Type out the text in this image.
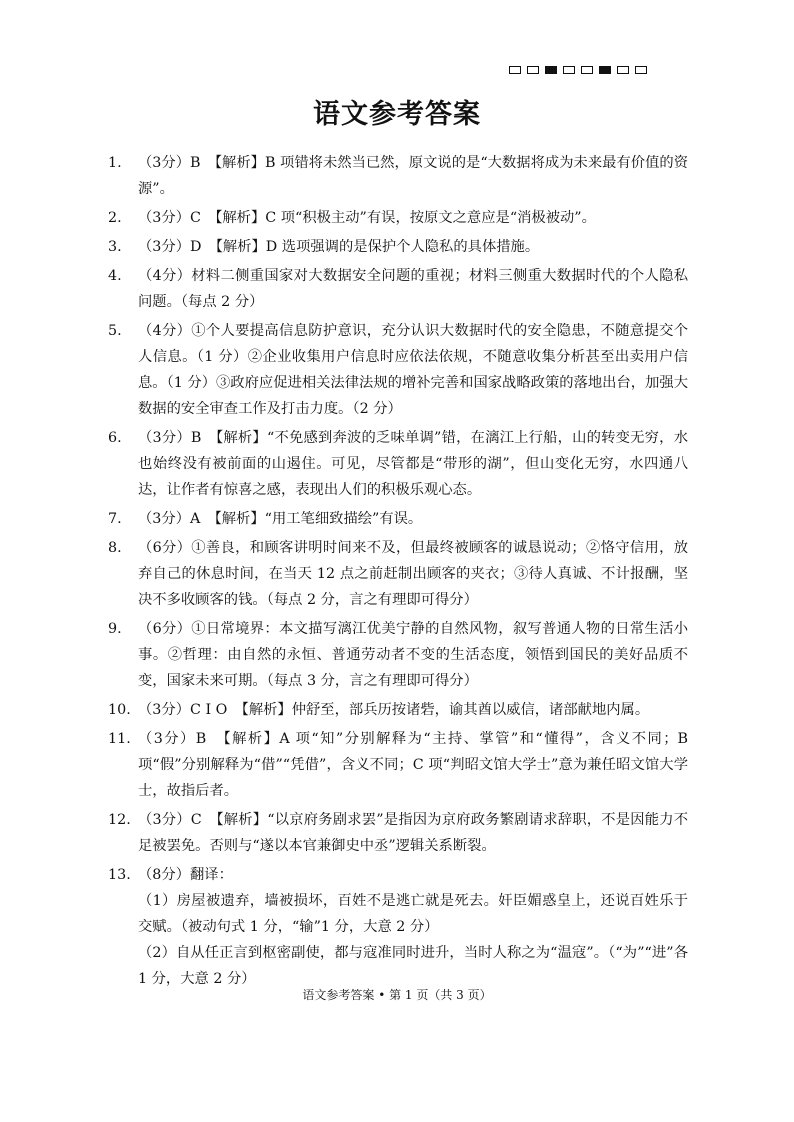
语文参考答案
1.	（3分）B　【解析】B 项错将未然当已然，原文说的是“大数据将成为未来最有价值的资源”。
2.	（3分）C　【解析】C 项“积极主动”有误，按原文之意应是“消极被动”。
3.	（3分）D　【解析】D 选项强调的是保护个人隐私的具体措施。
4.	（4分）材料二侧重国家对大数据安全问题的重视；材料三侧重大数据时代的个人隐私问题。（每点 2 分）
5.	（4分）①个人要提高信息防护意识，充分认识大数据时代的安全隐患，不随意提交个人信息。（1 分）②企业收集用户信息时应依法依规，不随意收集分析甚至出卖用户信息。（1 分）③政府应促进相关法律法规的增补完善和国家战略政策的落地出台，加强大数据的安全审查工作及打击力度。（2 分）
6.	（3分）B　【解析】“不免感到奔波的乏味单调”错，在漓江上行船，山的转变无穷，水也始终没有被前面的山遏住。可见，尽管都是“带形的湖”，但山变化无穷，水四通八达，让作者有惊喜之感，表现出人们的积极乐观心态。
7.	（3分）A　【解析】“用工笔细致描绘”有误。
8.	（6分）①善良，和顾客讲明时间来不及，但最终被顾客的诚恳说动；②恪守信用，放弃自己的休息时间，在当天 12 点之前赶制出顾客的夹衣；③待人真诚、不计报酬，坚决不多收顾客的钱。（每点 2 分，言之有理即可得分）
9.	（6分）①日常境界：本文描写漓江优美宁静的自然风物，叙写普通人物的日常生活小事。②哲理：由自然的永恒、普通劳动者不变的生活态度，领悟到国民的美好品质不变，国家未来可期。（每点 3 分，言之有理即可得分）
10. （3分）C I O　【解析】仲舒至，部兵历按诸砦，谕其酋以威信，诸部献地内属。
11. （3分）B　【解析】A 项“知”分别解释为“主持、掌管”和“懂得”，含义不同；B 项“假”分别解释为“借”“凭借”，含义不同；C 项“判昭文馆大学士”意为兼任昭文馆大学士，故指后者。
12. （3分）C　【解析】“以京府务剧求罢”是指因为京府政务繁剧请求辞职，不是因能力不足被罢免。否则与“遂以本官兼御史中丞”逻辑关系断裂。
13. （8分）翻译：
（1）房屋被遗弃，墙被损坏，百姓不是逃亡就是死去。奸臣媚惑皇上，还说百姓乐于交赋。（被动句式 1 分，“输”1 分，大意 2 分）
（2）自从任正言到枢密副使，都与寇准同时进升，当时人称之为“温寇”。（“为”“进”各 1 分，大意 2 分）
语文参考答案 • 第 1 页（共 3 页）
